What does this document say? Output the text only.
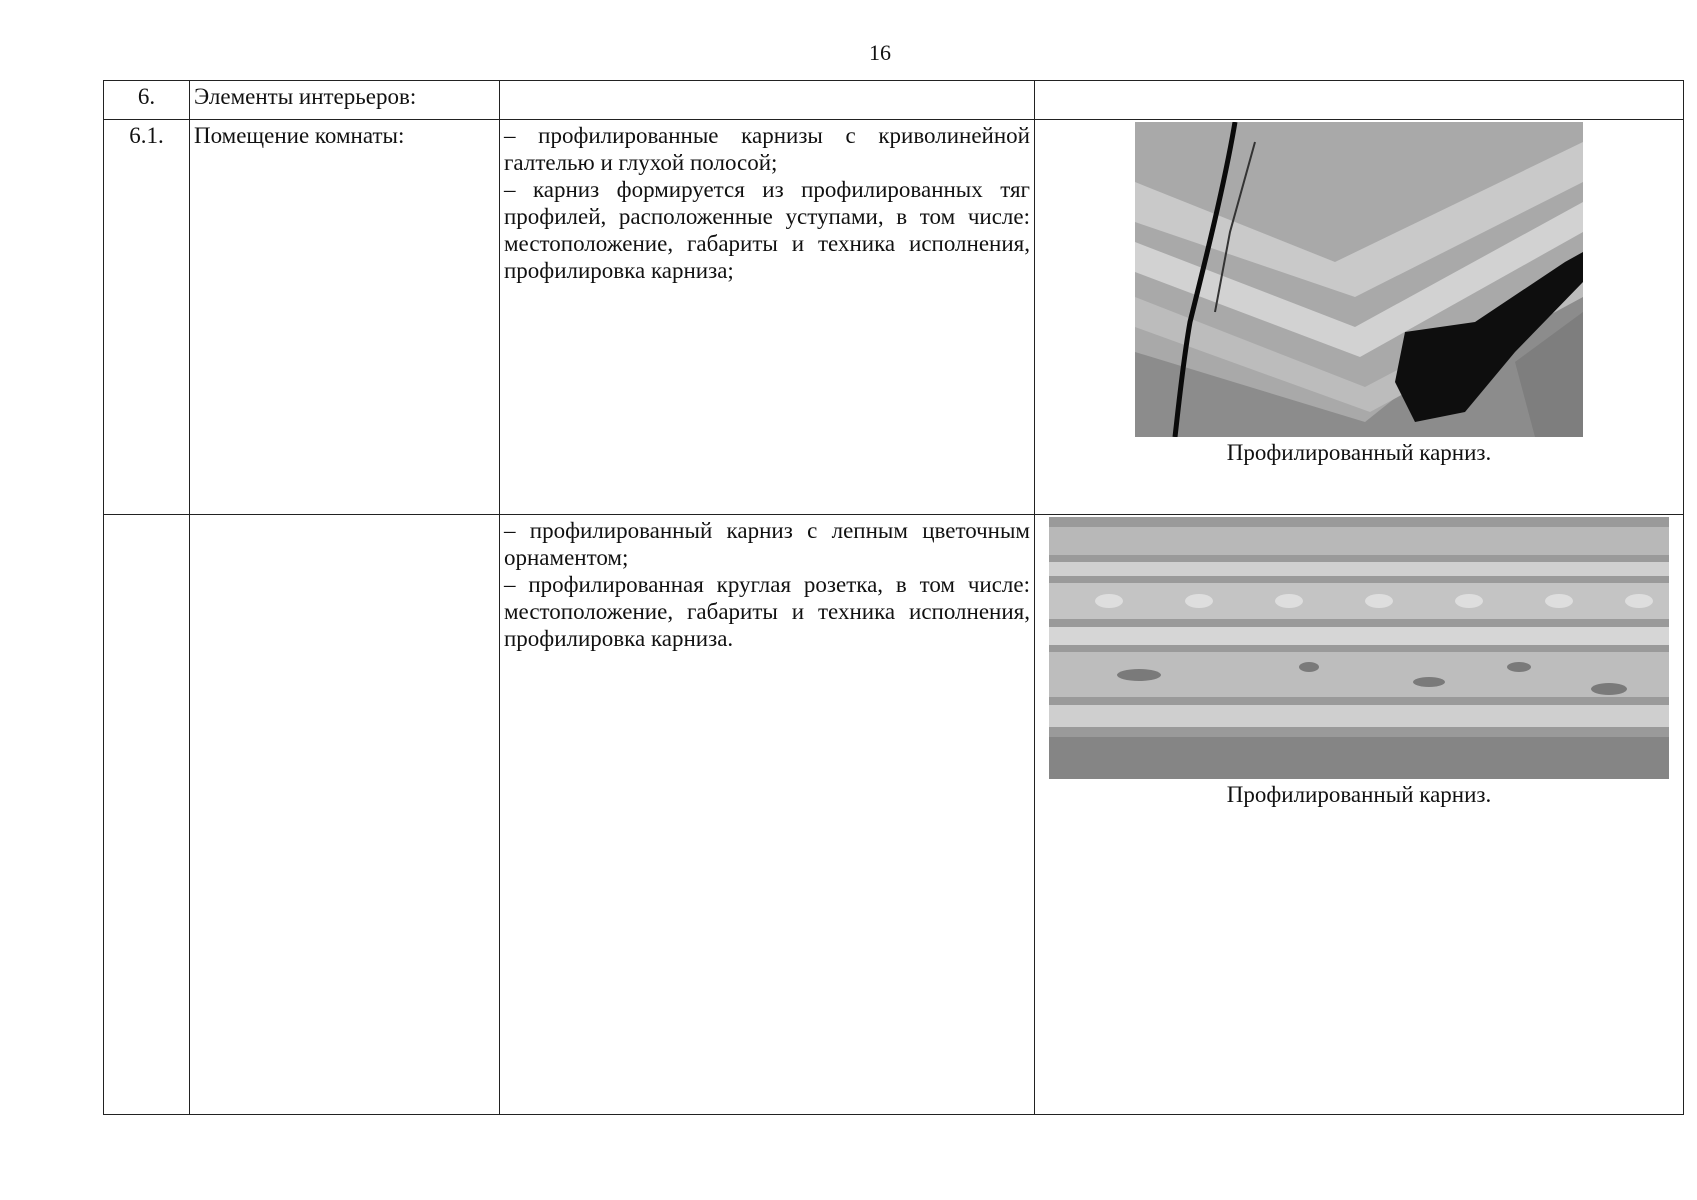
16
6.	Элементы интерьеров:		
6.1.	Помещение комнаты:	– профилированные карнизы с криволинейной галтелью и глухой полосой;

– карниз формируется из профилированных тяг профилей, расположенные уступами, в том числе: местоположение, габариты и техника исполнения, профилировка карниза;	Профилированный карниз.

		– профилированный карниз с лепным цветочным орнаментом;

– профилированная круглая розетка, в том числе: местоположение, габариты и техника исполнения, профилировка карниза.	Профилированный карниз.
